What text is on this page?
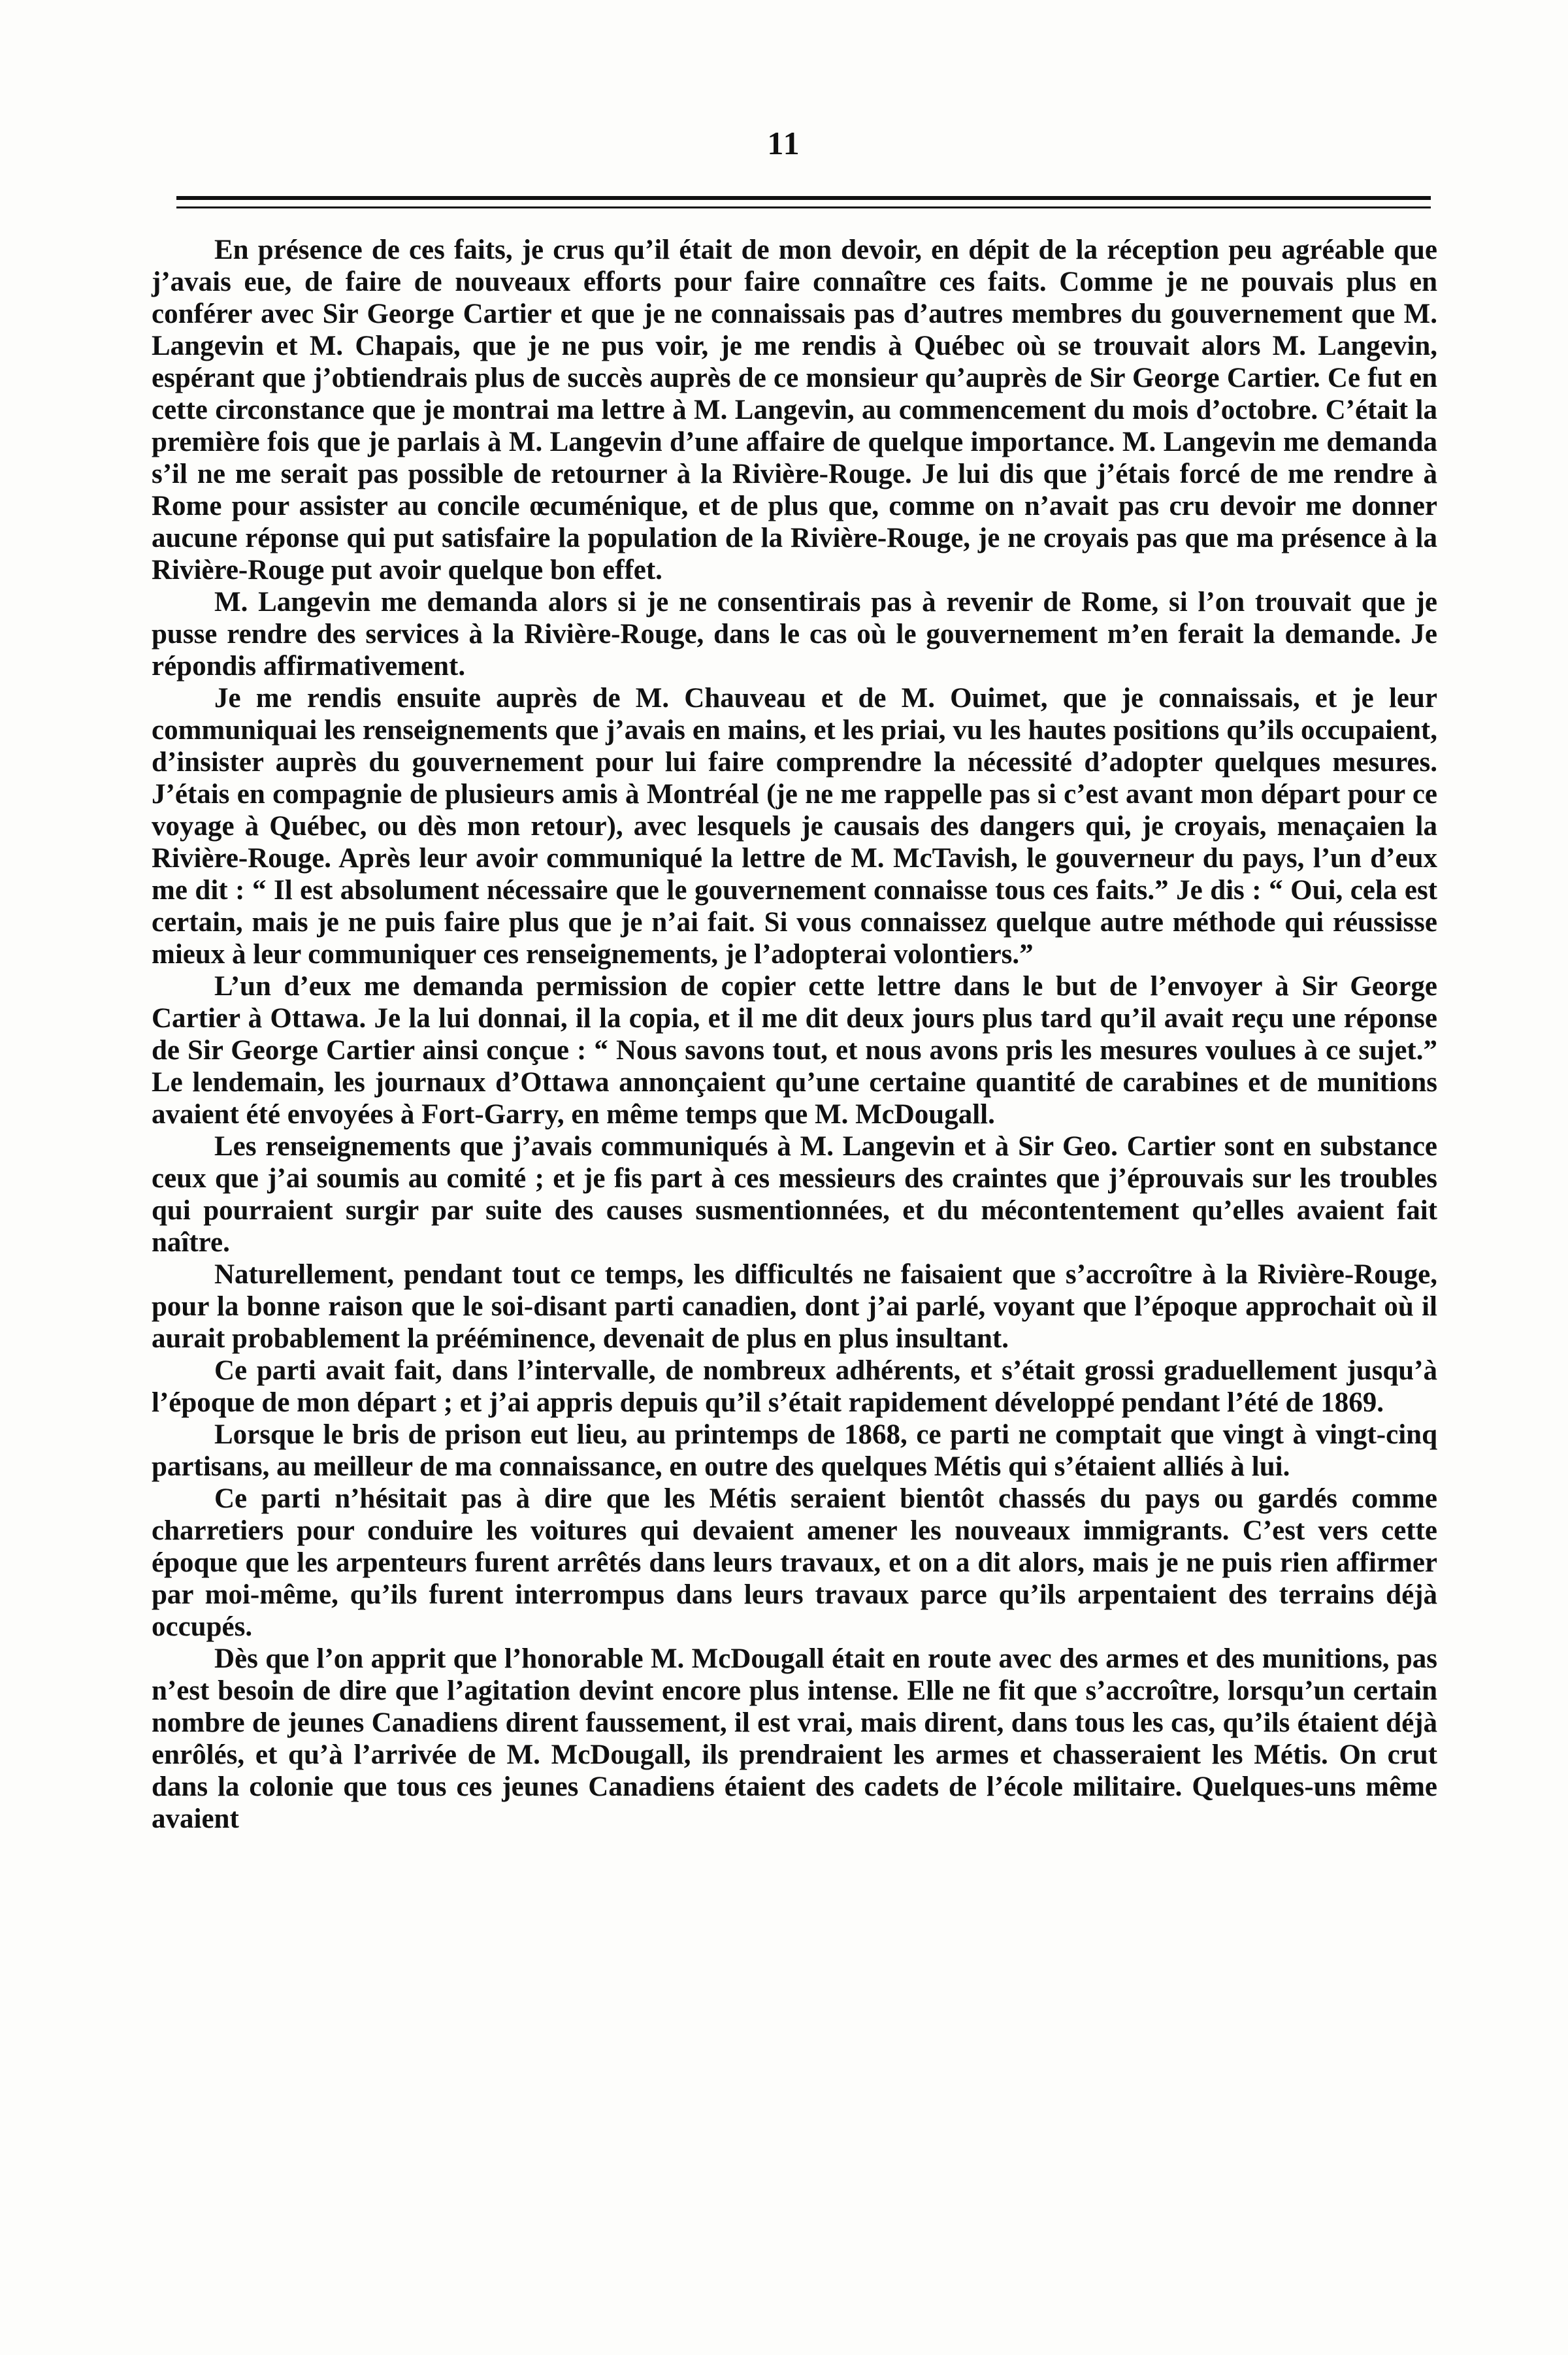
11

En présence de ces faits, je crus qu’il était de mon devoir, en dépit de la réception peu agréable que j’avais eue, de faire de nouveaux efforts pour faire connaître ces faits. Comme je ne pouvais plus en conférer avec Sir George Cartier et que je ne connaissais pas d’autres membres du gouvernement que M. Langevin et M. Chapais, que je ne pus voir, je me rendis à Québec où se trouvait alors M. Langevin, espérant que j’obtiendrais plus de succès auprès de ce monsieur qu’auprès de Sir George Cartier. Ce fut en cette circonstance que je montrai ma lettre à M. Langevin, au commencement du mois d’octobre. C’était la première fois que je parlais à M. Langevin d’une affaire de quelque importance. M. Langevin me demanda s’il ne me serait pas possible de retourner à la Rivière-Rouge. Je lui dis que j’étais forcé de me rendre à Rome pour assister au concile œcuménique, et de plus que, comme on n’avait pas cru devoir me donner aucune réponse qui put satisfaire la population de la Rivière-Rouge, je ne croyais pas que ma présence à la Rivière-Rouge put avoir quelque bon effet.

M. Langevin me demanda alors si je ne consentirais pas à revenir de Rome, si l’on trouvait que je pusse rendre des services à la Rivière-Rouge, dans le cas où le gouvernement m’en ferait la demande. Je répondis affirmativement.

Je me rendis ensuite auprès de M. Chauveau et de M. Ouimet, que je connaissais, et je leur communiquai les renseignements que j’avais en mains, et les priai, vu les hautes positions qu’ils occupaient, d’insister auprès du gouvernement pour lui faire comprendre la nécessité d’adopter quelques mesures. J’étais en compagnie de plusieurs amis à Montréal (je ne me rappelle pas si c’est avant mon départ pour ce voyage à Québec, ou dès mon retour), avec lesquels je causais des dangers qui, je croyais, menaçaien la Rivière-Rouge. Après leur avoir communiqué la lettre de M. McTavish, le gouverneur du pays, l’un d’eux me dit : “ Il est absolument nécessaire que le gouvernement connaisse tous ces faits.” Je dis : “ Oui, cela est certain, mais je ne puis faire plus que je n’ai fait. Si vous connaissez quelque autre méthode qui réussisse mieux à leur communiquer ces renseignements, je l’adopterai volontiers.”

L’un d’eux me demanda permission de copier cette lettre dans le but de l’envoyer à Sir George Cartier à Ottawa. Je la lui donnai, il la copia, et il me dit deux jours plus tard qu’il avait reçu une réponse de Sir George Cartier ainsi conçue : “ Nous savons tout, et nous avons pris les mesures voulues à ce sujet.” Le lendemain, les journaux d’Ottawa annonçaient qu’une certaine quantité de carabines et de munitions avaient été envoyées à Fort-Garry, en même temps que M. McDougall.

Les renseignements que j’avais communiqués à M. Langevin et à Sir Geo. Cartier sont en substance ceux que j’ai soumis au comité ; et je fis part à ces messieurs des craintes que j’éprouvais sur les troubles qui pourraient surgir par suite des causes susmentionnées, et du mécontentement qu’elles avaient fait naître.

Naturellement, pendant tout ce temps, les difficultés ne faisaient que s’accroître à la Rivière-Rouge, pour la bonne raison que le soi-disant parti canadien, dont j’ai parlé, voyant que l’époque approchait où il aurait probablement la prééminence, devenait de plus en plus insultant.

Ce parti avait fait, dans l’intervalle, de nombreux adhérents, et s’était grossi graduellement jusqu’à l’époque de mon départ ; et j’ai appris depuis qu’il s’était rapidement développé pendant l’été de 1869.

Lorsque le bris de prison eut lieu, au printemps de 1868, ce parti ne comptait que vingt à vingt-cinq partisans, au meilleur de ma connaissance, en outre des quelques Métis qui s’étaient alliés à lui.

Ce parti n’hésitait pas à dire que les Métis seraient bientôt chassés du pays ou gardés comme charretiers pour conduire les voitures qui devaient amener les nouveaux immigrants. C’est vers cette époque que les arpenteurs furent arrêtés dans leurs travaux, et on a dit alors, mais je ne puis rien affirmer par moi-même, qu’ils furent interrompus dans leurs travaux parce qu’ils arpentaient des terrains déjà occupés.

Dès que l’on apprit que l’honorable M. McDougall était en route avec des armes et des munitions, pas n’est besoin de dire que l’agitation devint encore plus intense. Elle ne fit que s’accroître, lorsqu’un certain nombre de jeunes Canadiens dirent faussement, il est vrai, mais dirent, dans tous les cas, qu’ils étaient déjà enrôlés, et qu’à l’arrivée de M. McDougall, ils prendraient les armes et chasseraient les Métis. On crut dans la colonie que tous ces jeunes Canadiens étaient des cadets de l’école militaire. Quelques-uns même avaient
